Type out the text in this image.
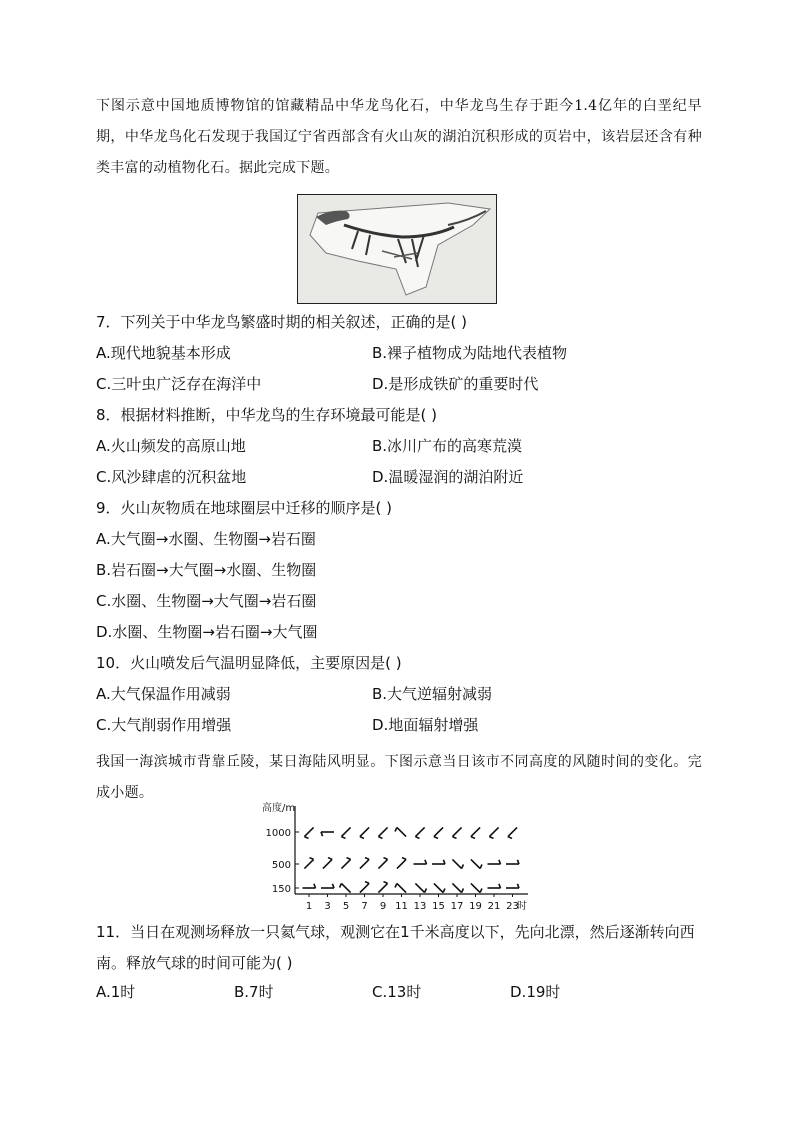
下图示意中国地质博物馆的馆藏精品中华龙鸟化石，中华龙鸟生存于距今1.4亿年的白垩纪早期，中华龙鸟化石发现于我国辽宁省西部含有火山灰的湖泊沉积形成的页岩中，该岩层还含有种类丰富的动植物化石。据此完成下题。
7．下列关于中华龙鸟繁盛时期的相关叙述，正确的是( )
A.现代地貌基本形成	B.裸子植物成为陆地代表植物
C.三叶虫广泛存在海洋中	D.是形成铁矿的重要时代
8．根据材料推断，中华龙鸟的生存环境最可能是( )
A.火山频发的高原山地	B.冰川广布的高寒荒漠
C.风沙肆虐的沉积盆地	D.温暖湿润的湖泊附近
9．火山灰物质在地球圈层中迁移的顺序是( )
A.大气圈→水圈、生物圈→岩石圈
B.岩石圈→大气圈→水圈、生物圈
C.水圈、生物圈→大气圈→岩石圈
D.水圈、生物圈→岩石圈→大气圈
10．火山喷发后气温明显降低，主要原因是( )
A.大气保温作用减弱	B.大气逆辐射减弱
C.大气削弱作用增强	D.地面辐射增强
我国一海滨城市背靠丘陵，某日海陆风明显。下图示意当日该市不同高度的风随时间的变化。完成小题。
高度/m
1000
500
150
1 3 5 7 9 11 13 15 17 19 21 23
时
11．当日在观测场释放一只氦气球，观测它在1千米高度以下，先向北漂，然后逐渐转向西南。释放气球的时间可能为( )
A.1时	B.7时	C.13时	D.19时
